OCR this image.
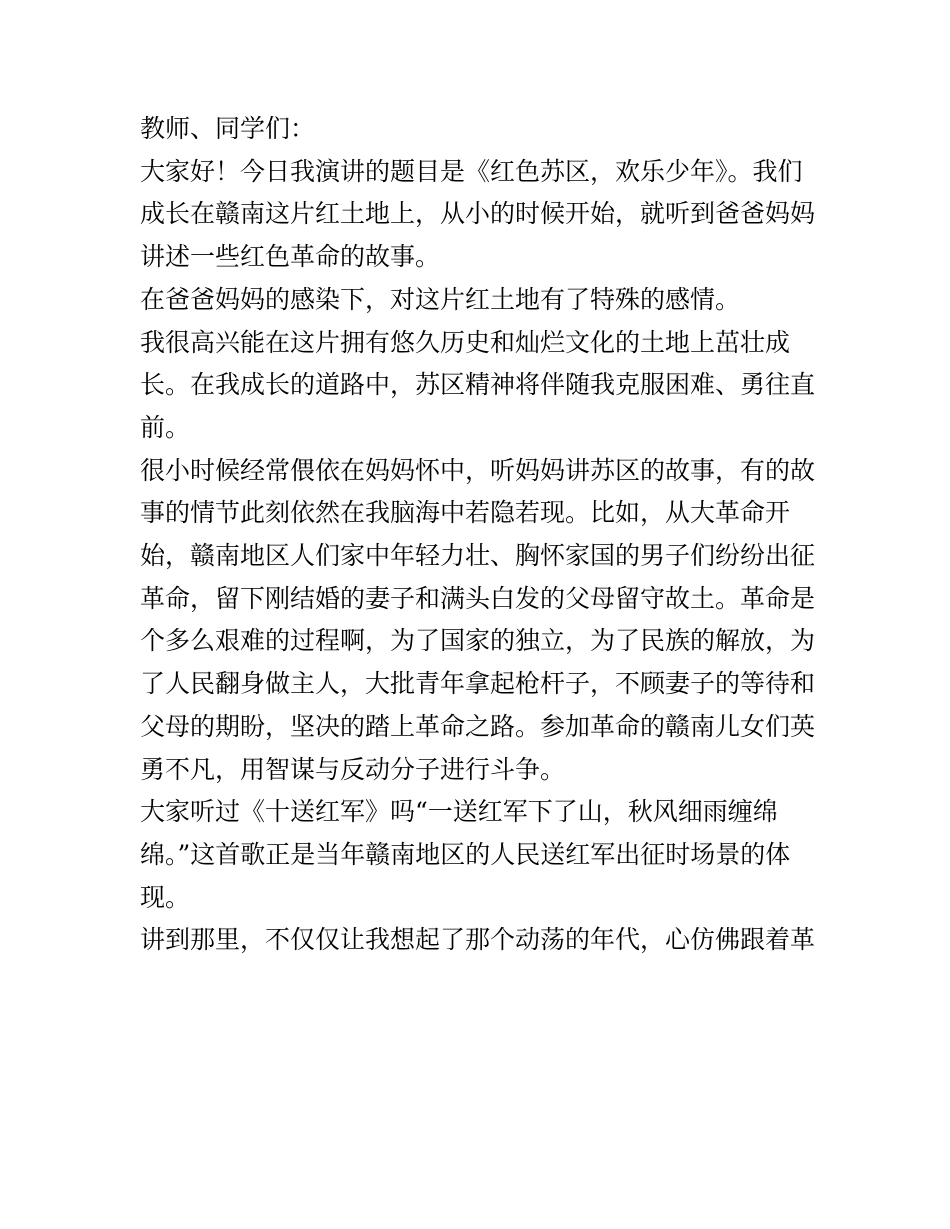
教师、同学们：

大家好！今日我演讲的题目是《红色苏区，欢乐少年》。我们

成长在赣南这片红土地上，从小的时候开始，就听到爸爸妈妈

讲述一些红色革命的故事。

在爸爸妈妈的感染下，对这片红土地有了特殊的感情。

我很高兴能在这片拥有悠久历史和灿烂文化的土地上茁壮成

长。在我成长的道路中，苏区精神将伴随我克服困难、勇往直

前。

很小时候经常偎依在妈妈怀中，听妈妈讲苏区的故事，有的故

事的情节此刻依然在我脑海中若隐若现。比如，从大革命开

始，赣南地区人们家中年轻力壮、胸怀家国的男子们纷纷出征

革命，留下刚结婚的妻子和满头白发的父母留守故土。革命是

个多么艰难的过程啊，为了国家的独立，为了民族的解放，为

了人民翻身做主人，大批青年拿起枪杆子，不顾妻子的等待和

父母的期盼，坚决的踏上革命之路。参加革命的赣南儿女们英

勇不凡，用智谋与反动分子进行斗争。

大家听过《十送红军》吗“一送红军下了山，秋风细雨缠绵

绵。”这首歌正是当年赣南地区的人民送红军出征时场景的体

现。

讲到那里，不仅仅让我想起了那个动荡的年代，心仿佛跟着革
